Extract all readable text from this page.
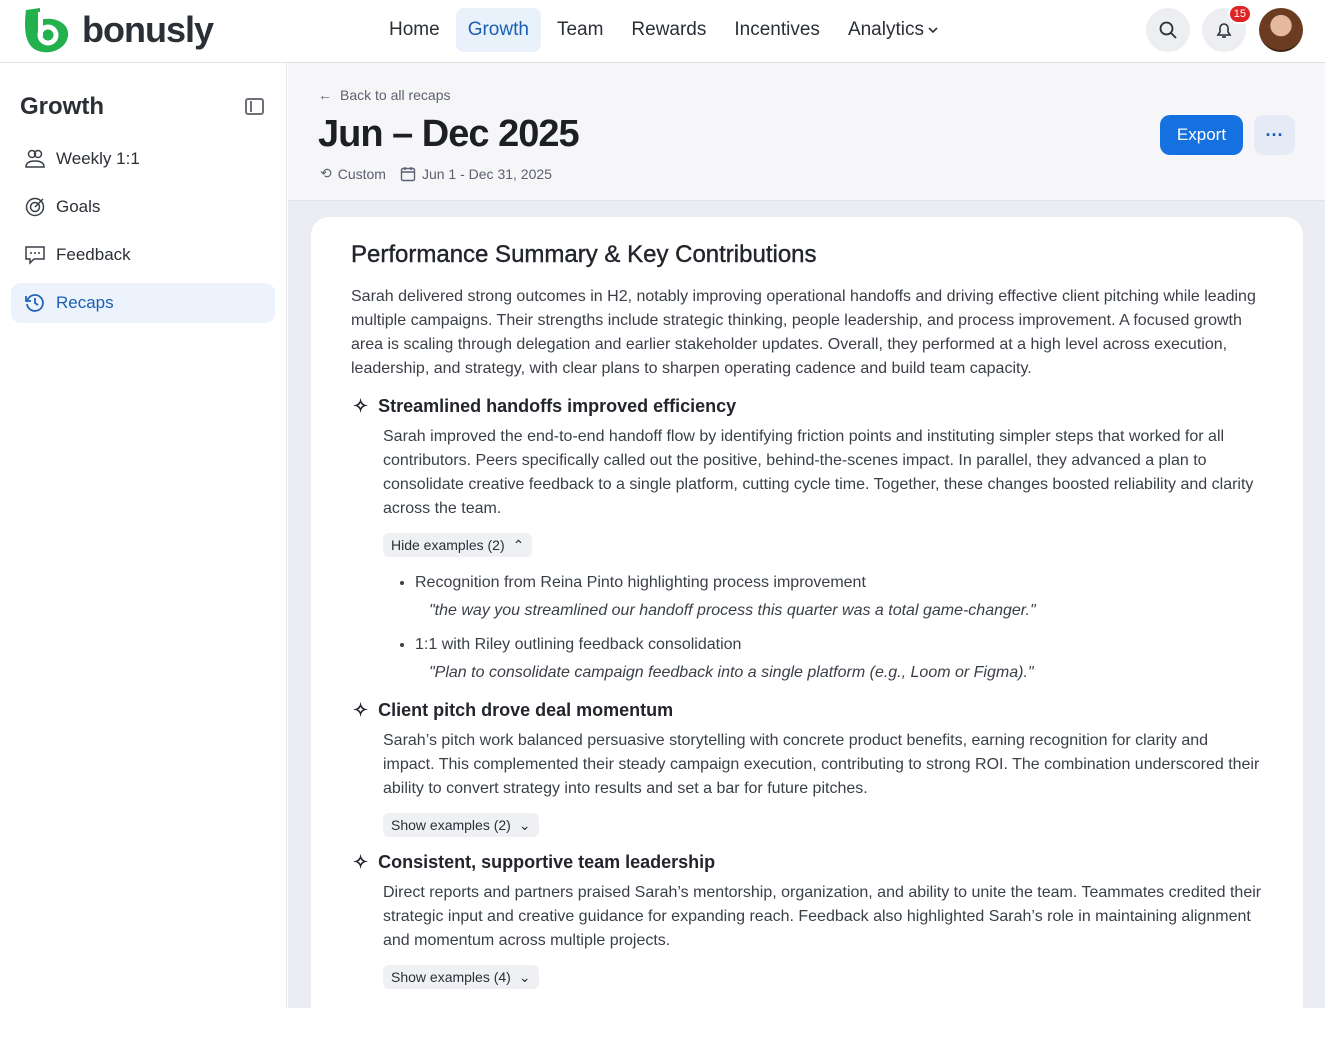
bonusly	Home	Growth	Team	Rewards	Incentives	Analytics
15
Growth
Weekly 1:1
Goals
Feedback
Recaps
← Back to all recaps
Jun – Dec 2025
⟲ Custom	Jun 1 - Dec 31, 2025
Export	···
Performance Summary & Key Contributions

Sarah delivered strong outcomes in H2, notably improving operational handoffs and driving effective client pitching while leading multiple campaigns. Their strengths include strategic thinking, people leadership, and process improvement. A focused growth area is scaling through delegation and earlier stakeholder updates. Overall, they performed at a high level across execution, leadership, and strategy, with clear plans to sharpen operating cadence and build team capacity.

✧ Streamlined handoffs improved efficiency

Sarah improved the end-to-end handoff flow by identifying friction points and instituting simpler steps that worked for all contributors. Peers specifically called out the positive, behind-the-scenes impact. In parallel, they advanced a plan to consolidate creative feedback to a single platform, cutting cycle time. Together, these changes boosted reliability and clarity across the team.

Hide examples (2) ⌃
• Recognition from Reina Pinto highlighting process improvement
"the way you streamlined our handoff process this quarter was a total game-changer."
• 1:1 with Riley outlining feedback consolidation
"Plan to consolidate campaign feedback into a single platform (e.g., Loom or Figma)."
✧ Client pitch drove deal momentum

Sarah’s pitch work balanced persuasive storytelling with concrete product benefits, earning recognition for clarity and impact. This complemented their steady campaign execution, contributing to strong ROI. The combination underscored their ability to convert strategy into results and set a bar for future pitches.

Show examples (2) ⌄
✧ Consistent, supportive team leadership

Direct reports and partners praised Sarah’s mentorship, organization, and ability to unite the team. Teammates credited their strategic input and creative guidance for expanding reach. Feedback also highlighted Sarah’s role in maintaining alignment and momentum across multiple projects.

Show examples (4) ⌄
